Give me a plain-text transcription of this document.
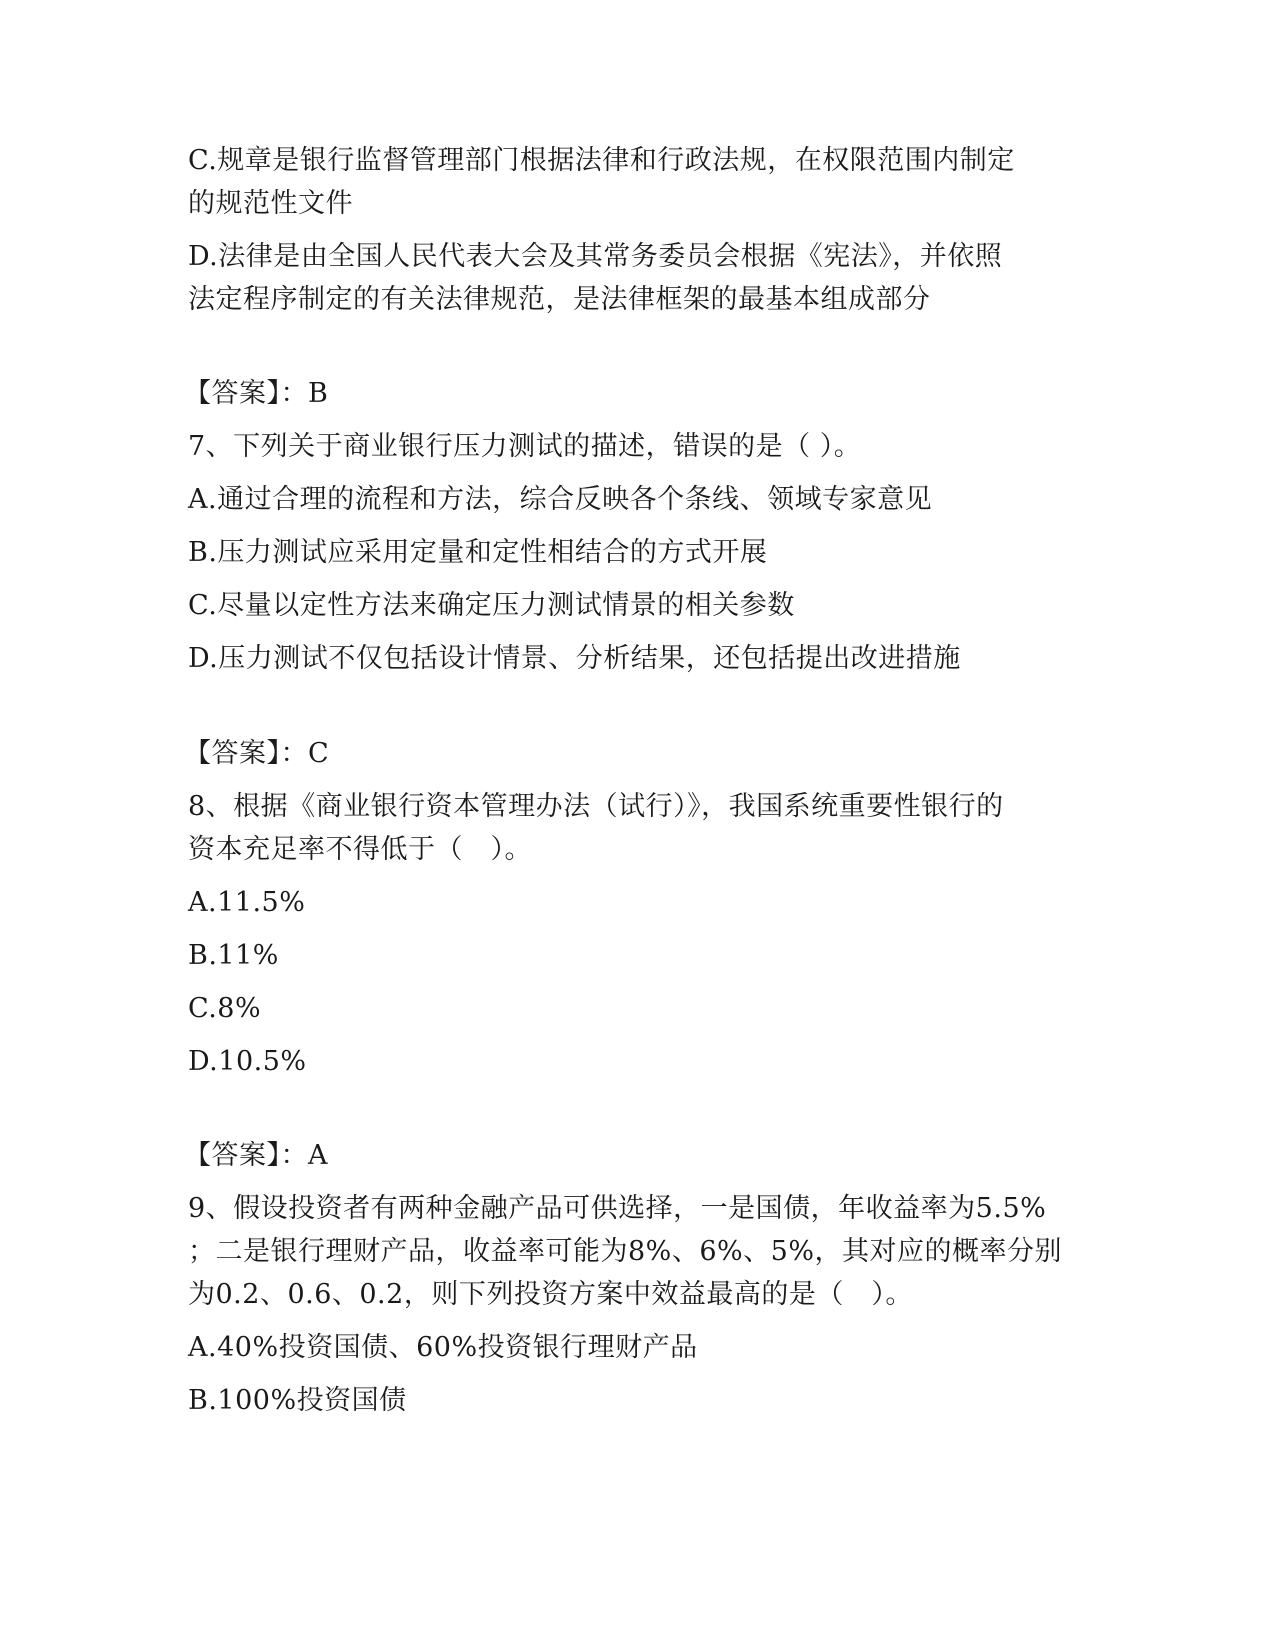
C.规章是银行监督管理部门根据法律和行政法规，在权限范围内制定
的规范性文件
D.法律是由全国人民代表大会及其常务委员会根据《宪法》，并依照
法定程序制定的有关法律规范，是法律框架的最基本组成部分
【答案】：B
7、下列关于商业银行压力测试的描述，错误的是（ ）。
A.通过合理的流程和方法，综合反映各个条线、领域专家意见
B.压力测试应采用定量和定性相结合的方式开展
C.尽量以定性方法来确定压力测试情景的相关参数
D.压力测试不仅包括设计情景、分析结果，还包括提出改进措施
【答案】：C
8、根据《商业银行资本管理办法（试行）》，我国系统重要性银行的
资本充足率不得低于（　）。
A.11.5%
B.11%
C.8%
D.10.5%
【答案】：A
9、假设投资者有两种金融产品可供选择，一是国债，年收益率为5.5%
；二是银行理财产品，收益率可能为8%、6%、5%，其对应的概率分别
为0.2、0.6、0.2，则下列投资方案中效益最高的是（　）。
A.40%投资国债、60%投资银行理财产品
B.100%投资国债
